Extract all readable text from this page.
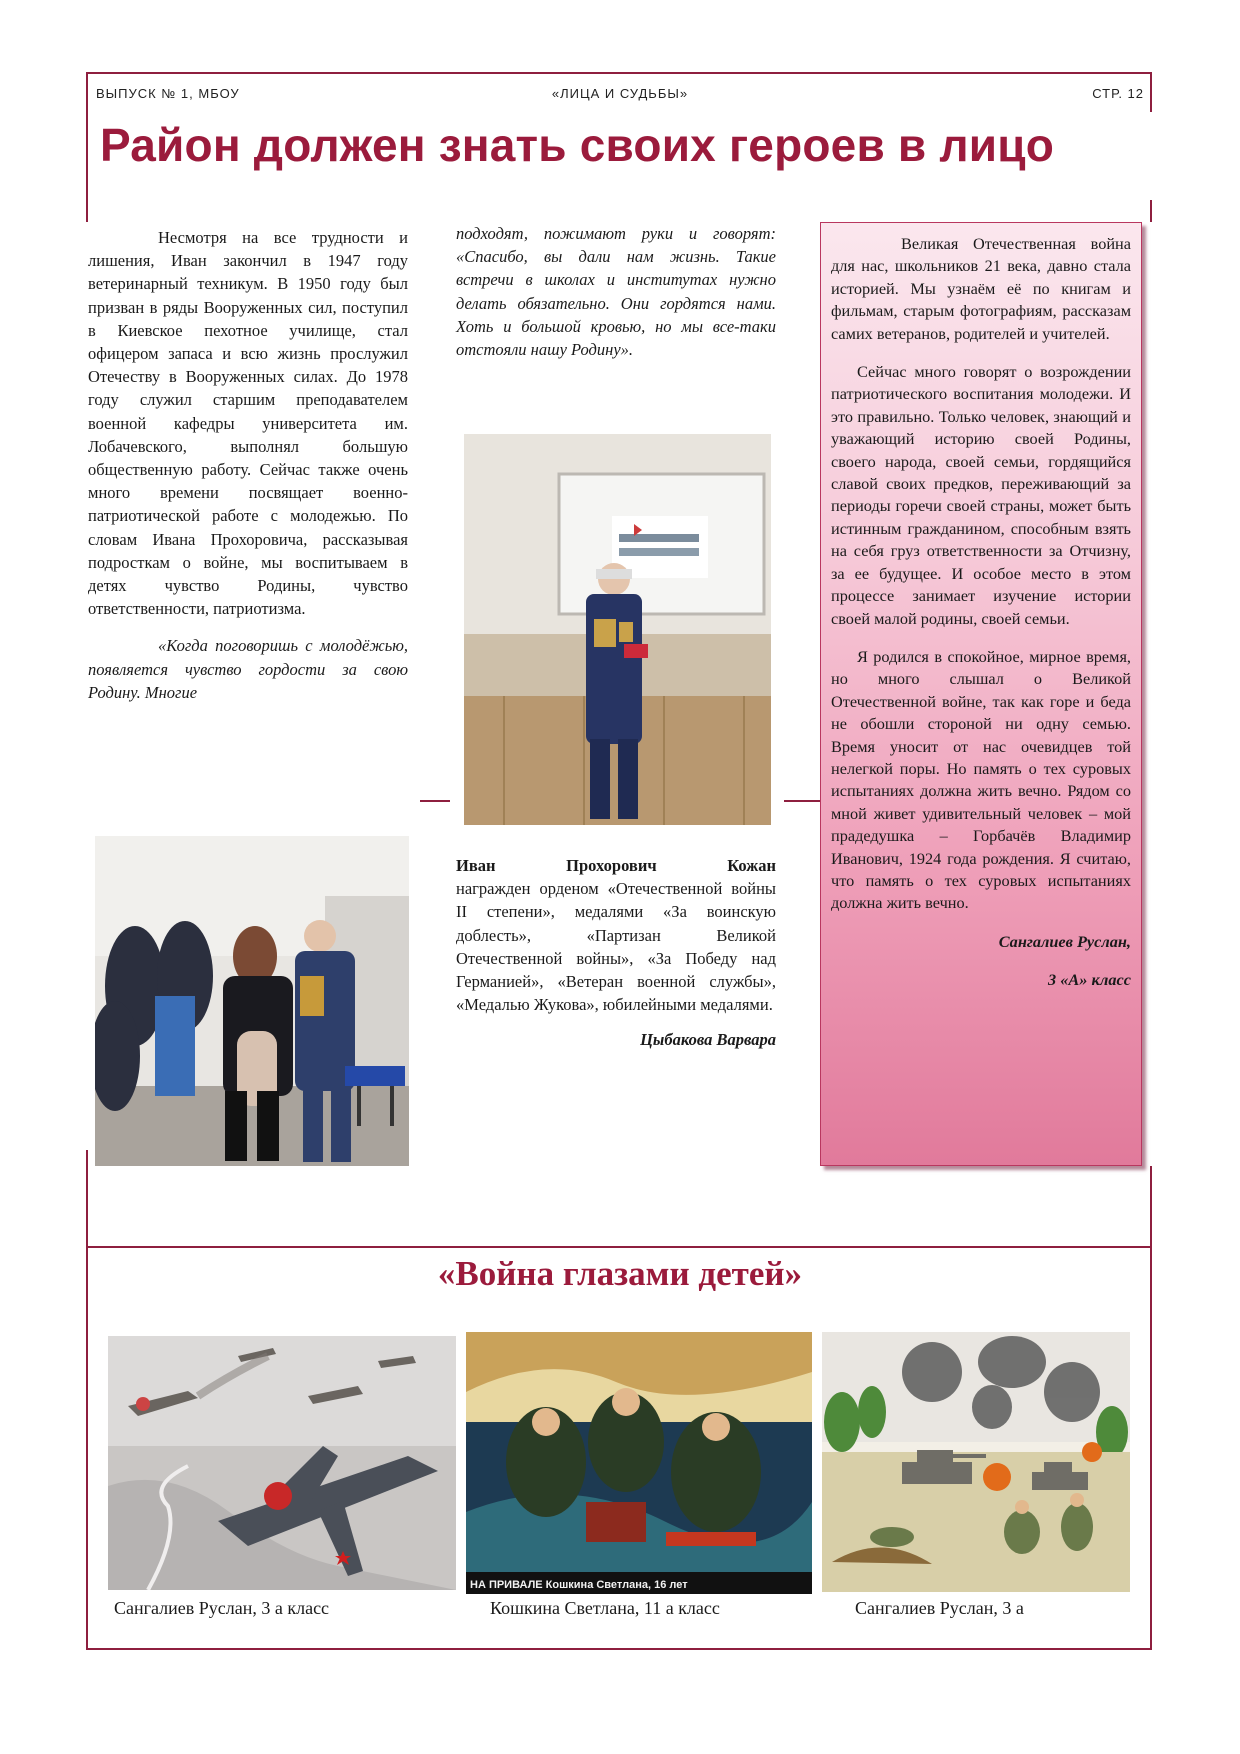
ВЫПУСК № 1, МБОУ	«ЛИЦА И СУДЬБЫ»	СТР. 12
Район должен знать своих героев в лицо

Несмотря на все трудности и лишения, Иван закончил в 1947 году ветеринарный техникум. В 1950 году был призван в ряды Вооруженных сил, поступил в Киевское пехотное училище, стал офицером запаса и всю жизнь прослужил Отечеству в Вооруженных силах. До 1978 году служил старшим преподавателем военной кафедры университета им. Лобачевского, выполнял большую общественную работу. Сейчас также очень много времени посвящает военно-патриотической работе с молодежью. По словам Ивана Прохоровича, рассказывая подросткам о войне, мы воспитываем в детях чувство Родины, чувство ответственности, патриотизма.

«Когда поговоришь с молодёжью, появляется чувство гордости за свою Родину. Многие

подходят, пожимают руки и говорят: «Спасибо, вы дали нам жизнь. Такие встречи в школах и институтах нужно делать обязательно. Они гордятся нами. Хоть и большой кровью, но мы все-таки отстояли нашу Родину».

Иван Прохорович Кожан
награжден орденом «Отечественной войны II степени», медалями «За воинскую доблесть», «Партизан Великой Отечественной войны», «За Победу над Германией», «Ветеран военной службы», «Медалью Жукова», юбилейными медалями.

Цыбакова Варвара

Великая Отечественная война для нас, школьников 21 века, давно стала историей. Мы узнаём её по книгам и фильмам, старым фотографиям, рассказам самих ветеранов, родителей и учителей.

Сейчас много говорят о возрождении патриотического воспитания молодежи. И это правильно. Только человек, знающий и уважающий историю своей Родины, своего народа, своей семьи, гордящийся славой своих предков, переживающий за периоды горечи своей страны, может быть истинным гражданином, способным взять на себя груз ответственности за Отчизну, за ее будущее. И особое место в этом процессе занимает изучение истории своей малой родины, своей семьи.

Я родился в спокойное, мирное время, но много слышал о Великой Отечественной войне, так как горе и беда не обошли стороной ни одну семью. Время уносит от нас очевидцев той нелегкой поры. Но память о тех суровых испытаниях должна жить вечно. Рядом со мной живет удивительный человек – мой прадедушка – Горбачёв Владимир Иванович, 1924 года рождения. Я считаю, что память о тех суровых испытаниях должна жить вечно.

Сангалиев Руслан,

3 «А» класс

«Война глазами детей»
НА ПРИВАЛЕ Кошкина Светлана, 16 лет
Сангалиев Руслан, 3 а класс	Кошкина Светлана, 11 а класс	Сангалиев Руслан, 3 а
